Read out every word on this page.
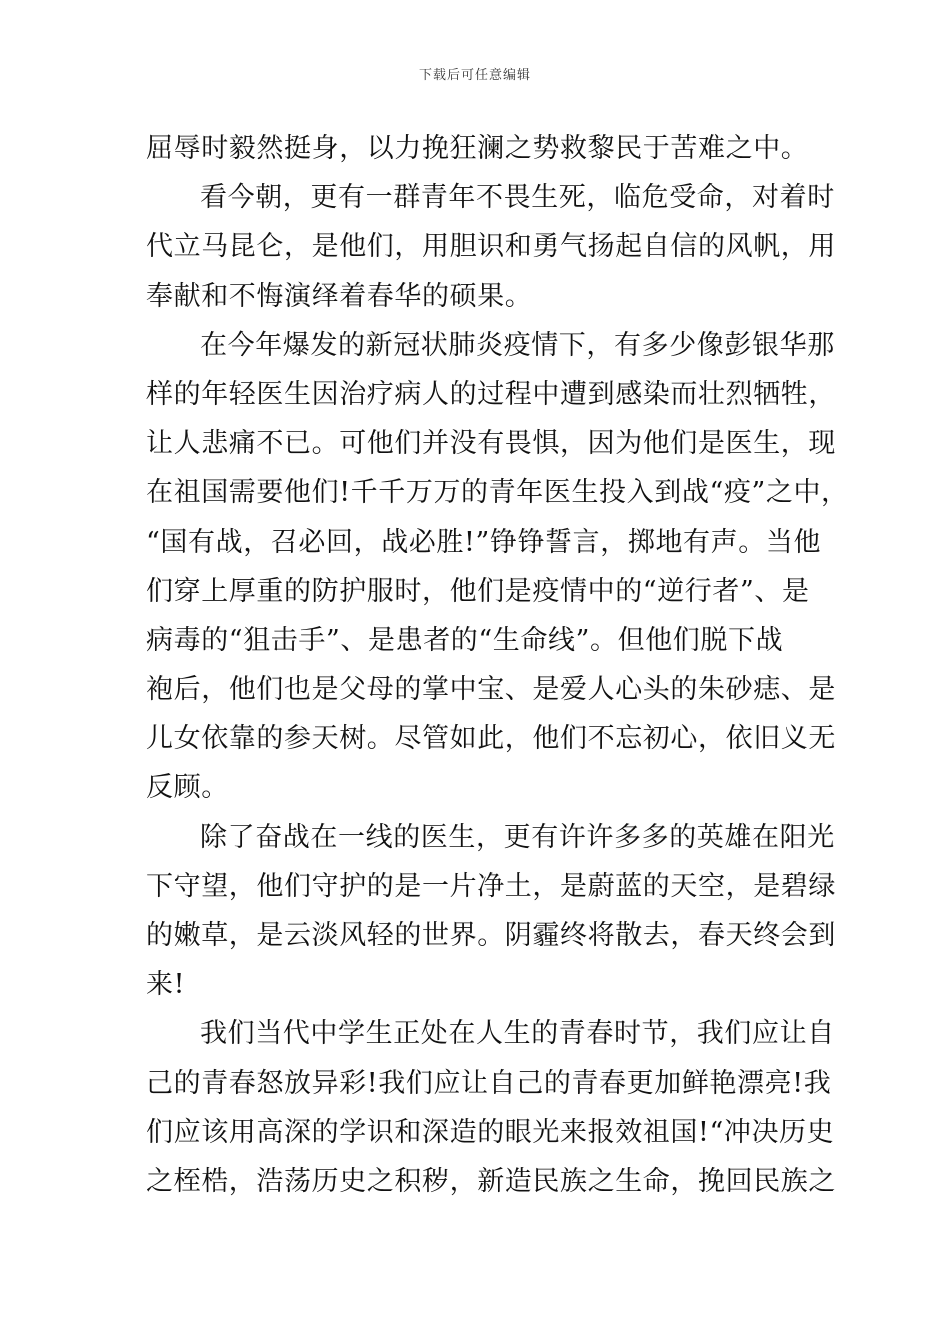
下载后可任意编辑
屈辱时毅然挺身，以力挽狂澜之势救黎民于苦难之中。
看今朝，更有一群青年不畏生死，临危受命，对着时
代立马昆仑，是他们，用胆识和勇气扬起自信的风帆，用
奉献和不悔演绎着春华的硕果。
在今年爆发的新冠状肺炎疫情下，有多少像彭银华那
样的年轻医生因治疗病人的过程中遭到感染而壮烈牺牲，
让人悲痛不已。可他们并没有畏惧，因为他们是医生，现
在祖国需要他们!千千万万的青年医生投入到战“疫”之中，
“国有战，召必回，战必胜!”铮铮誓言，掷地有声。当他
们穿上厚重的防护服时，他们是疫情中的“逆行者”、是
病毒的“狙击手”、是患者的“生命线”。但他们脱下战
袍后，他们也是父母的掌中宝、是爱人心头的朱砂痣、是
儿女依靠的参天树。尽管如此，他们不忘初心，依旧义无
反顾。
除了奋战在一线的医生，更有许许多多的英雄在阳光
下守望，他们守护的是一片净土，是蔚蓝的天空，是碧绿
的嫩草，是云淡风轻的世界。阴霾终将散去，春天终会到
来!
我们当代中学生正处在人生的青春时节，我们应让自
己的青春怒放异彩!我们应让自己的青春更加鲜艳漂亮!我
们应该用高深的学识和深造的眼光来报效祖国!“冲决历史
之桎梏，浩荡历史之积秽，新造民族之生命，挽回民族之
